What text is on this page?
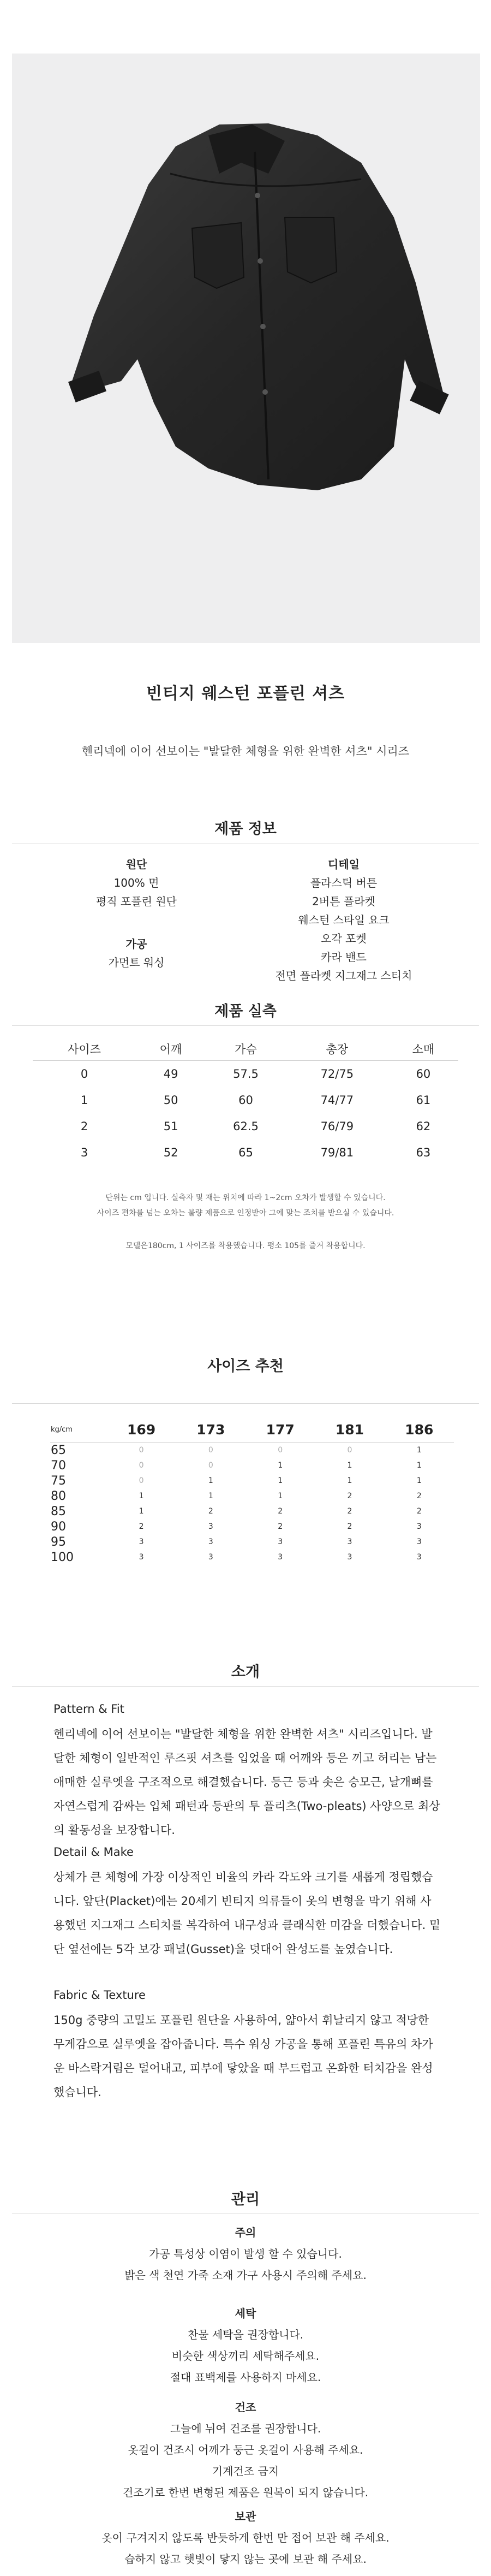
빈티지 웨스턴 포플린 셔츠
헨리넥에 이어 선보이는 "발달한 체형을 위한 완벽한 셔츠" 시리즈
제품 정보
원단
100% 면
평직 포플린 원단
가공
가먼트 워싱
디테일
플라스틱 버튼
2버튼 플라켓
웨스턴 스타일 요크
오각 포켓
카라 밴드
전면 플라켓 지그재그 스티치
제품 실측
사이즈	어깨	가슴	총장	소매
0	49	57.5	72/75	60
1	50	60	74/77	61
2	51	62.5	76/79	62
3	52	65	79/81	63
단위는 cm 입니다. 실측자 및 재는 위치에 따라 1~2cm 오차가 발생할 수 있습니다.
사이즈 편차를 넘는 오차는 불량 제품으로 인정받아 그에 맞는 조치를 받으실 수 있습니다.
모델은180cm, 1 사이즈를 착용했습니다. 평소 105를 즐겨 착용합니다.
사이즈 추천
kg/cm	169	173	177	181	186
65	0	0	0	0	1
70	0	0	1	1	1
75	0	1	1	1	1
80	1	1	1	2	2
85	1	2	2	2	2
90	2	3	2	2	3
95	3	3	3	3	3
100	3	3	3	3	3
소개
Pattern & Fit
헨리넥에 이어 선보이는 "발달한 체형을 위한 완벽한 셔츠" 시리즈입니다. 발달한 체형이 일반적인 루즈핏 셔츠를 입었을 때 어깨와 등은 끼고 허리는 남는 애매한 실루엣을 구조적으로 해결했습니다. 등근 등과 솟은 승모근, 날개뼈를 자연스럽게 감싸는 입체 패턴과 등판의 투 플리츠(Two-pleats) 사양으로 최상의 활동성을 보장합니다.
Detail & Make
상체가 큰 체형에 가장 이상적인 비율의 카라 각도와 크기를 새롭게 정립했습니다. 앞단(Placket)에는 20세기 빈티지 의류들이 옷의 변형을 막기 위해 사용했던 지그재그 스티치를 복각하여 내구성과 클래식한 미감을 더했습니다. 밑단 옆선에는 5각 보강 패널(Gusset)을 덧대어 완성도를 높였습니다.
Fabric & Texture
150g 중량의 고밀도 포플린 원단을 사용하여, 얇아서 휘날리지 않고 적당한 무게감으로 실루엣을 잡아줍니다. 특수 워싱 가공을 통해 포플린 특유의 차가운 바스락거림은 덜어내고, 피부에 닿았을 때 부드럽고 온화한 터치감을 완성했습니다.
관리
주의
가공 특성상 이염이 발생 할 수 있습니다.
밝은 색 천연 가죽 소재 가구 사용시 주의해 주세요.
세탁
찬물 세탁을 권장합니다.
비슷한 색상끼리 세탁해주세요.
절대 표백제를 사용하지 마세요.
건조
그늘에 뉘여 건조를 권장합니다.
옷걸이 건조시 어깨가 둥근 옷걸이 사용해 주세요.
기계건조 금지
건조기로 한번 변형된 제품은 원복이 되지 않습니다.
보관
옷이 구겨지지 않도록 반듯하게 한번 만 접어 보관 해 주세요.
습하지 않고 햇빛이 닿지 않는 곳에 보관 해 주세요.
